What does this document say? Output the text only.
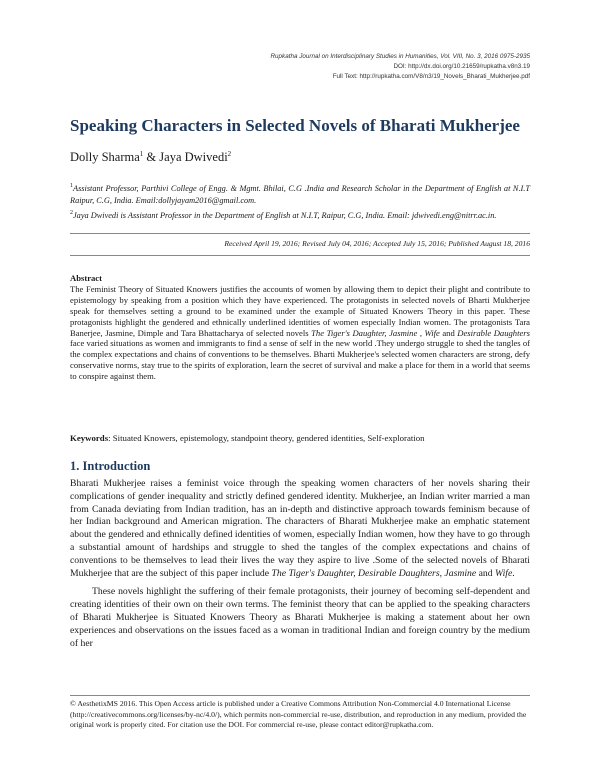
Rupkatha Journal on Interdisciplinary Studies in Humanities, Vol. VIII, No. 3, 2016 0975-2935
DOI: http://dx.doi.org/10.21659/rupkatha.v8n3.19
Full Text: http://rupkatha.com/V8/n3/19_Novels_Bharati_Mukherjee.pdf
Speaking Characters in Selected Novels of Bharati Mukherjee
Dolly Sharma$^1$ & Jaya Dwivedi$^2$
$^1$Assistant Professor, Parthivi College of Engg. & Mgmt. Bhilai, C.G .India and Research Scholar in the Department of English at N.I.T Raipur, C.G, India. Email:dollyjayam2016@gmail.com.
$^2$Jaya Dwivedi is Assistant Professor in the Department of English at N.I.T, Raipur, C.G, India. Email: jdwivedi.eng@nitrr.ac.in.
Received April 19, 2016; Revised July 04, 2016; Accepted July 15, 2016; Published August 18, 2016
Abstract

The Feminist Theory of Situated Knowers justifies the accounts of women by allowing them to depict their plight and contribute to epistemology by speaking from a position which they have experienced. The protagonists in selected novels of Bharti Mukherjee speak for themselves setting a ground to be examined under the example of Situated Knowers Theory in this paper. These protagonists highlight the gendered and ethnically underlined identities of women especially Indian women. The protagonists Tara Banerjee, Jasmine, Dimple and Tara Bhattacharya of selected novels The Tiger's Daughter, Jasmine , Wife and Desirable Daughters face varied situations as women and immigrants to find a sense of self in the new world .They undergo struggle to shed the tangles of the complex expectations and chains of conventions to be themselves. Bharti Mukherjee's selected women characters are strong, defy conservative norms, stay true to the spirits of exploration, learn the secret of survival and make a place for them in a world that seems to conspire against them.

Keywords: Situated Knowers, epistemology, standpoint theory, gendered identities, Self-exploration
1. Introduction

Bharati Mukherjee raises a feminist voice through the speaking women characters of her novels sharing their complications of gender inequality and strictly defined gendered identity. Mukherjee, an Indian writer married a man from Canada deviating from Indian tradition, has an in-depth and distinctive approach towards feminism because of her Indian background and American migration. The characters of Bharati Mukherjee make an emphatic statement about the gendered and ethnically defined identities of women, especially Indian women, how they have to go through a substantial amount of hardships and struggle to shed the tangles of the complex expectations and chains of conventions to be themselves to lead their lives the way they aspire to live .Some of the selected novels of Bharati Mukherjee that are the subject of this paper include The Tiger's Daughter, Desirable Daughters, Jasmine and Wife.

These novels highlight the suffering of their female protagonists, their journey of becoming self-dependent and creating identities of their own on their own terms. The feminist theory that can be applied to the speaking characters of Bharati Mukherjee is Situated Knowers Theory as Bharati Mukherjee is making a statement about her own experiences and observations on the issues faced as a woman in traditional Indian and foreign country by the medium of her

© AesthetixMS 2016. This Open Access article is published under a Creative Commons Attribution Non-Commercial 4.0 International License (http://creativecommons.org/licenses/by-nc/4.0/), which permits non-commercial re-use, distribution, and reproduction in any medium, provided the original work is properly cited. For citation use the DOI. For commercial re-use, please contact editor@rupkatha.com.
